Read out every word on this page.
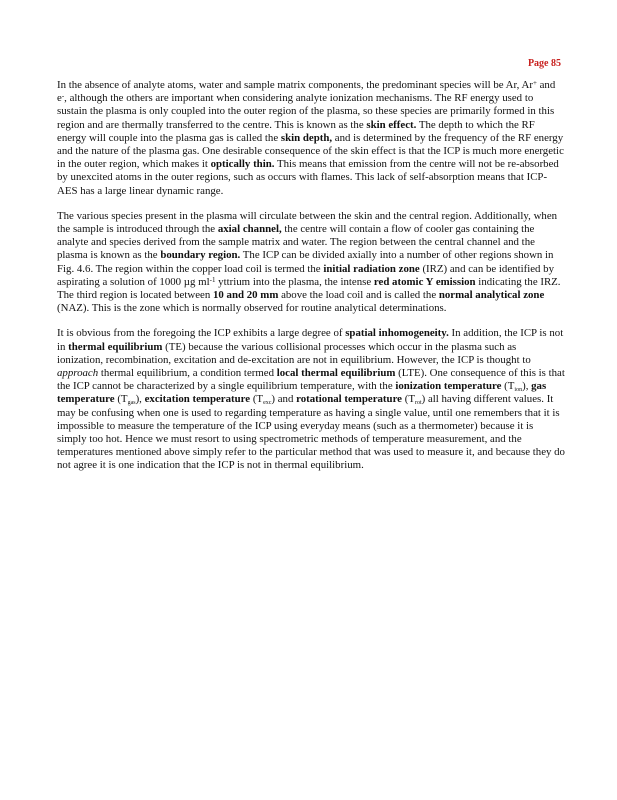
Page 85

In the absence of analyte atoms, water and sample matrix components, the predominant species will be Ar, Ar+ and e-, although the others are important when considering analyte ionization mechanisms. The RF energy used to sustain the plasma is only coupled into the outer region of the plasma, so these species are primarily formed in this region and are thermally transferred to the centre. This is known as the skin effect. The depth to which the RF energy will couple into the plasma gas is called the skin depth, and is determined by the frequency of the RF energy and the nature of the plasma gas. One desirable consequence of the skin effect is that the ICP is much more energetic in the outer region, which makes it optically thin. This means that emission from the centre will not be re-absorbed by unexcited atoms in the outer regions, such as occurs with flames. This lack of self-absorption means that ICP-AES has a large linear dynamic range.

The various species present in the plasma will circulate between the skin and the central region. Additionally, when the sample is introduced through the axial channel, the centre will contain a flow of cooler gas containing the analyte and species derived from the sample matrix and water. The region between the central channel and the plasma is known as the boundary region. The ICP can be divided axially into a number of other regions shown in Fig. 4.6. The region within the copper load coil is termed the initial radiation zone (IRZ) and can be identified by aspirating a solution of 1000 µg $ml^{-1}$ yttrium into the plasma, the intense red atomic Y emission indicating the IRZ. The third region is located between 10 and 20 mm above the load coil and is called the normal analytical zone (NAZ). This is the zone which is normally observed for routine analytical determinations.

It is obvious from the foregoing the ICP exhibits a large degree of spatial inhomogeneity. In addition, the ICP is not in thermal equilibrium (TE) because the various collisional processes which occur in the plasma such as ionization, recombination, excitation and de-excitation are not in equilibrium. However, the ICP is thought to approach thermal equilibrium, a condition termed local thermal equilibrium (LTE). One consequence of this is that the ICP cannot be characterized by a single equilibrium temperature, with the ionization temperature $(T_{ion})$, gas temperature $(T_{gas})$, excitation temperature $(T_{exc})$ and rotational temperature $(T_{rot})$ all having different values. It may be confusing when one is used to regarding temperature as having a single value, until one remembers that it is impossible to measure the temperature of the ICP using everyday means (such as a thermometer) because it is simply too hot. Hence we must resort to using spectrometric methods of temperature measurement, and the temperatures mentioned above simply refer to the particular method that was used to measure it, and because they do not agree it is one indication that the ICP is not in thermal equilibrium.
